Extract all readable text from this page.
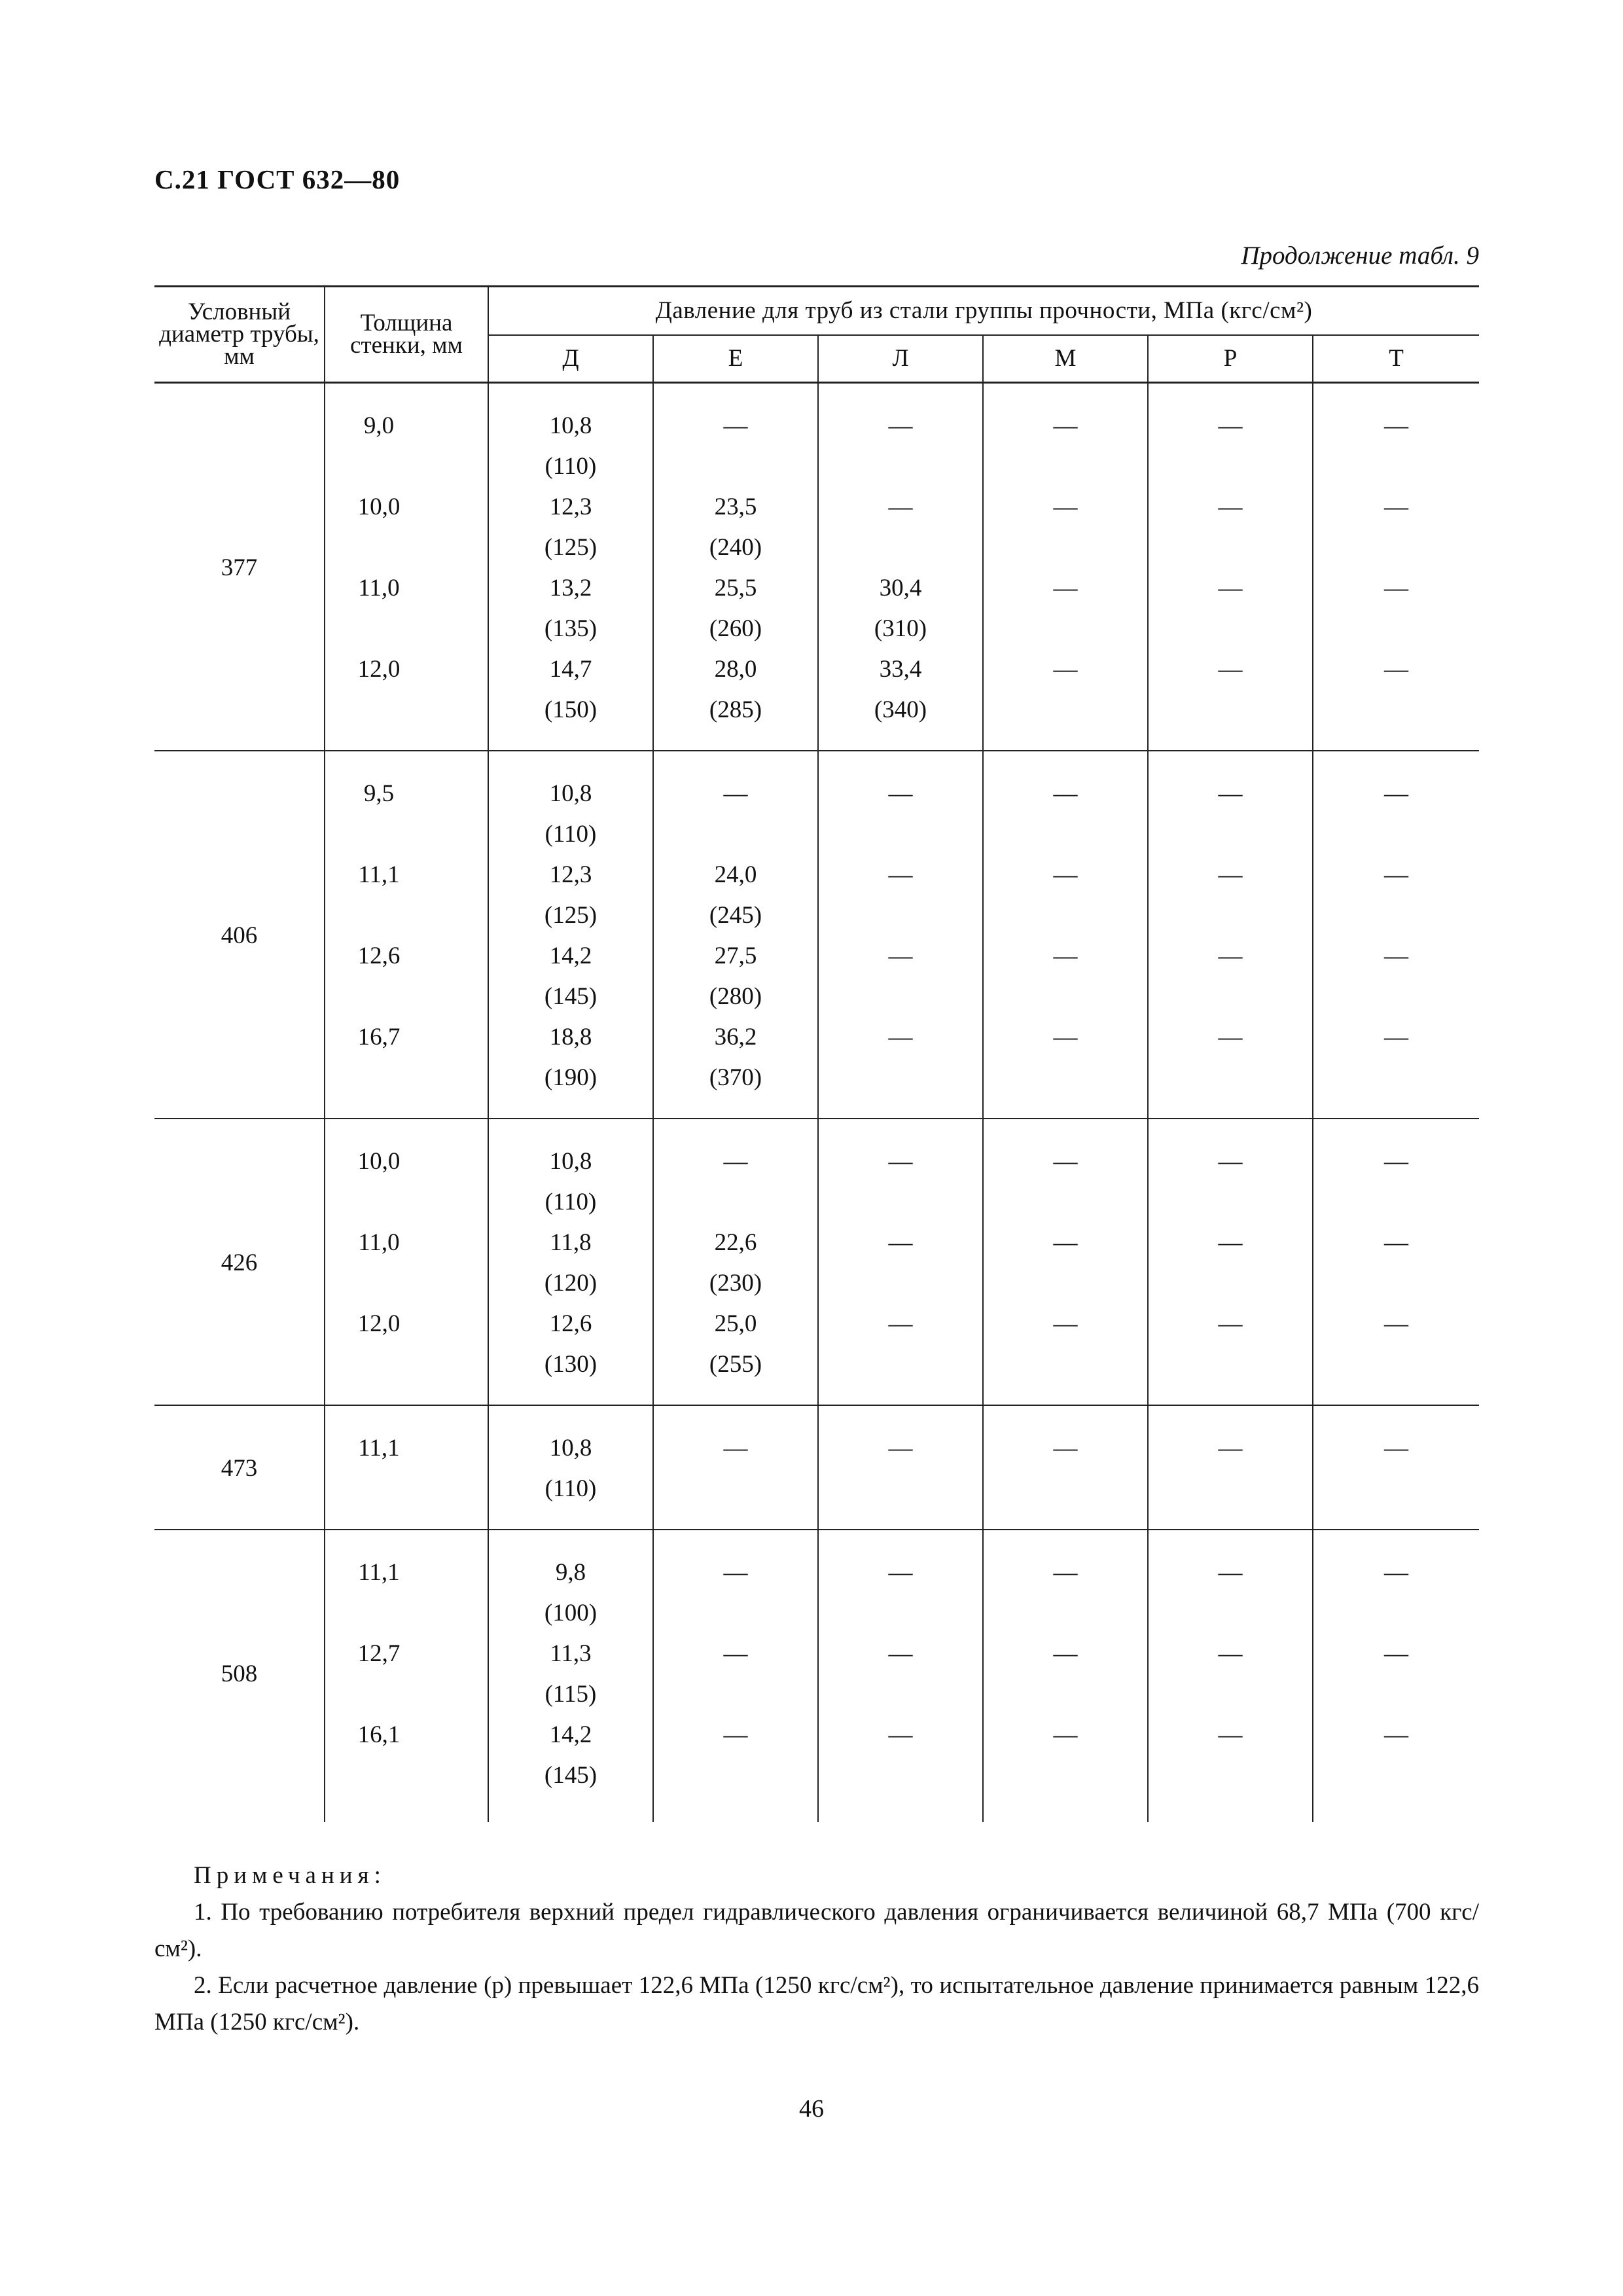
С.21 ГОСТ 632—80
Продолжение табл. 9
Условный диаметр трубы, мм	Толщина стенки, мм	Давление для труб из стали группы прочности, МПа (кгс/см²)					
		Д	Е	Л	М	Р	Т

377	9,0	10,8	—	—	—	—	—
		(110)					
	10,0	12,3	23,5	—	—	—	—
		(125)	(240)				
	11,0	13,2	25,5	30,4	—	—	—
		(135)	(260)	(310)			
	12,0	14,7	28,0	33,4	—	—	—
		(150)	(285)	(340)			

406	9,5	10,8	—	—	—	—	—
		(110)					
	11,1	12,3	24,0	—	—	—	—
		(125)	(245)				
	12,6	14,2	27,5	—	—	—	—
		(145)	(280)				
	16,7	18,8	36,2	—	—	—	—
		(190)	(370)				

426	10,0	10,8	—	—	—	—	—
		(110)					
	11,0	11,8	22,6	—	—	—	—
		(120)	(230)				
	12,0	12,6	25,0	—	—	—	—
		(130)	(255)				

473	11,1	10,8	—	—	—	—	—
		(110)					

508	11,1	9,8	—	—	—	—	—
		(100)					
	12,7	11,3	—	—	—	—	—
		(115)					
	16,1	14,2	—	—	—	—	—
		(145)					

Примечания:

1. По требованию потребителя верхний предел гидравлического давления ограничивается величиной 68,7 МПа (700 кгс/см²).

2. Если расчетное давление (р) превышает 122,6 МПа (1250 кгс/см²), то испытательное давление принимается равным 122,6 МПа (1250 кгс/см²).

46
